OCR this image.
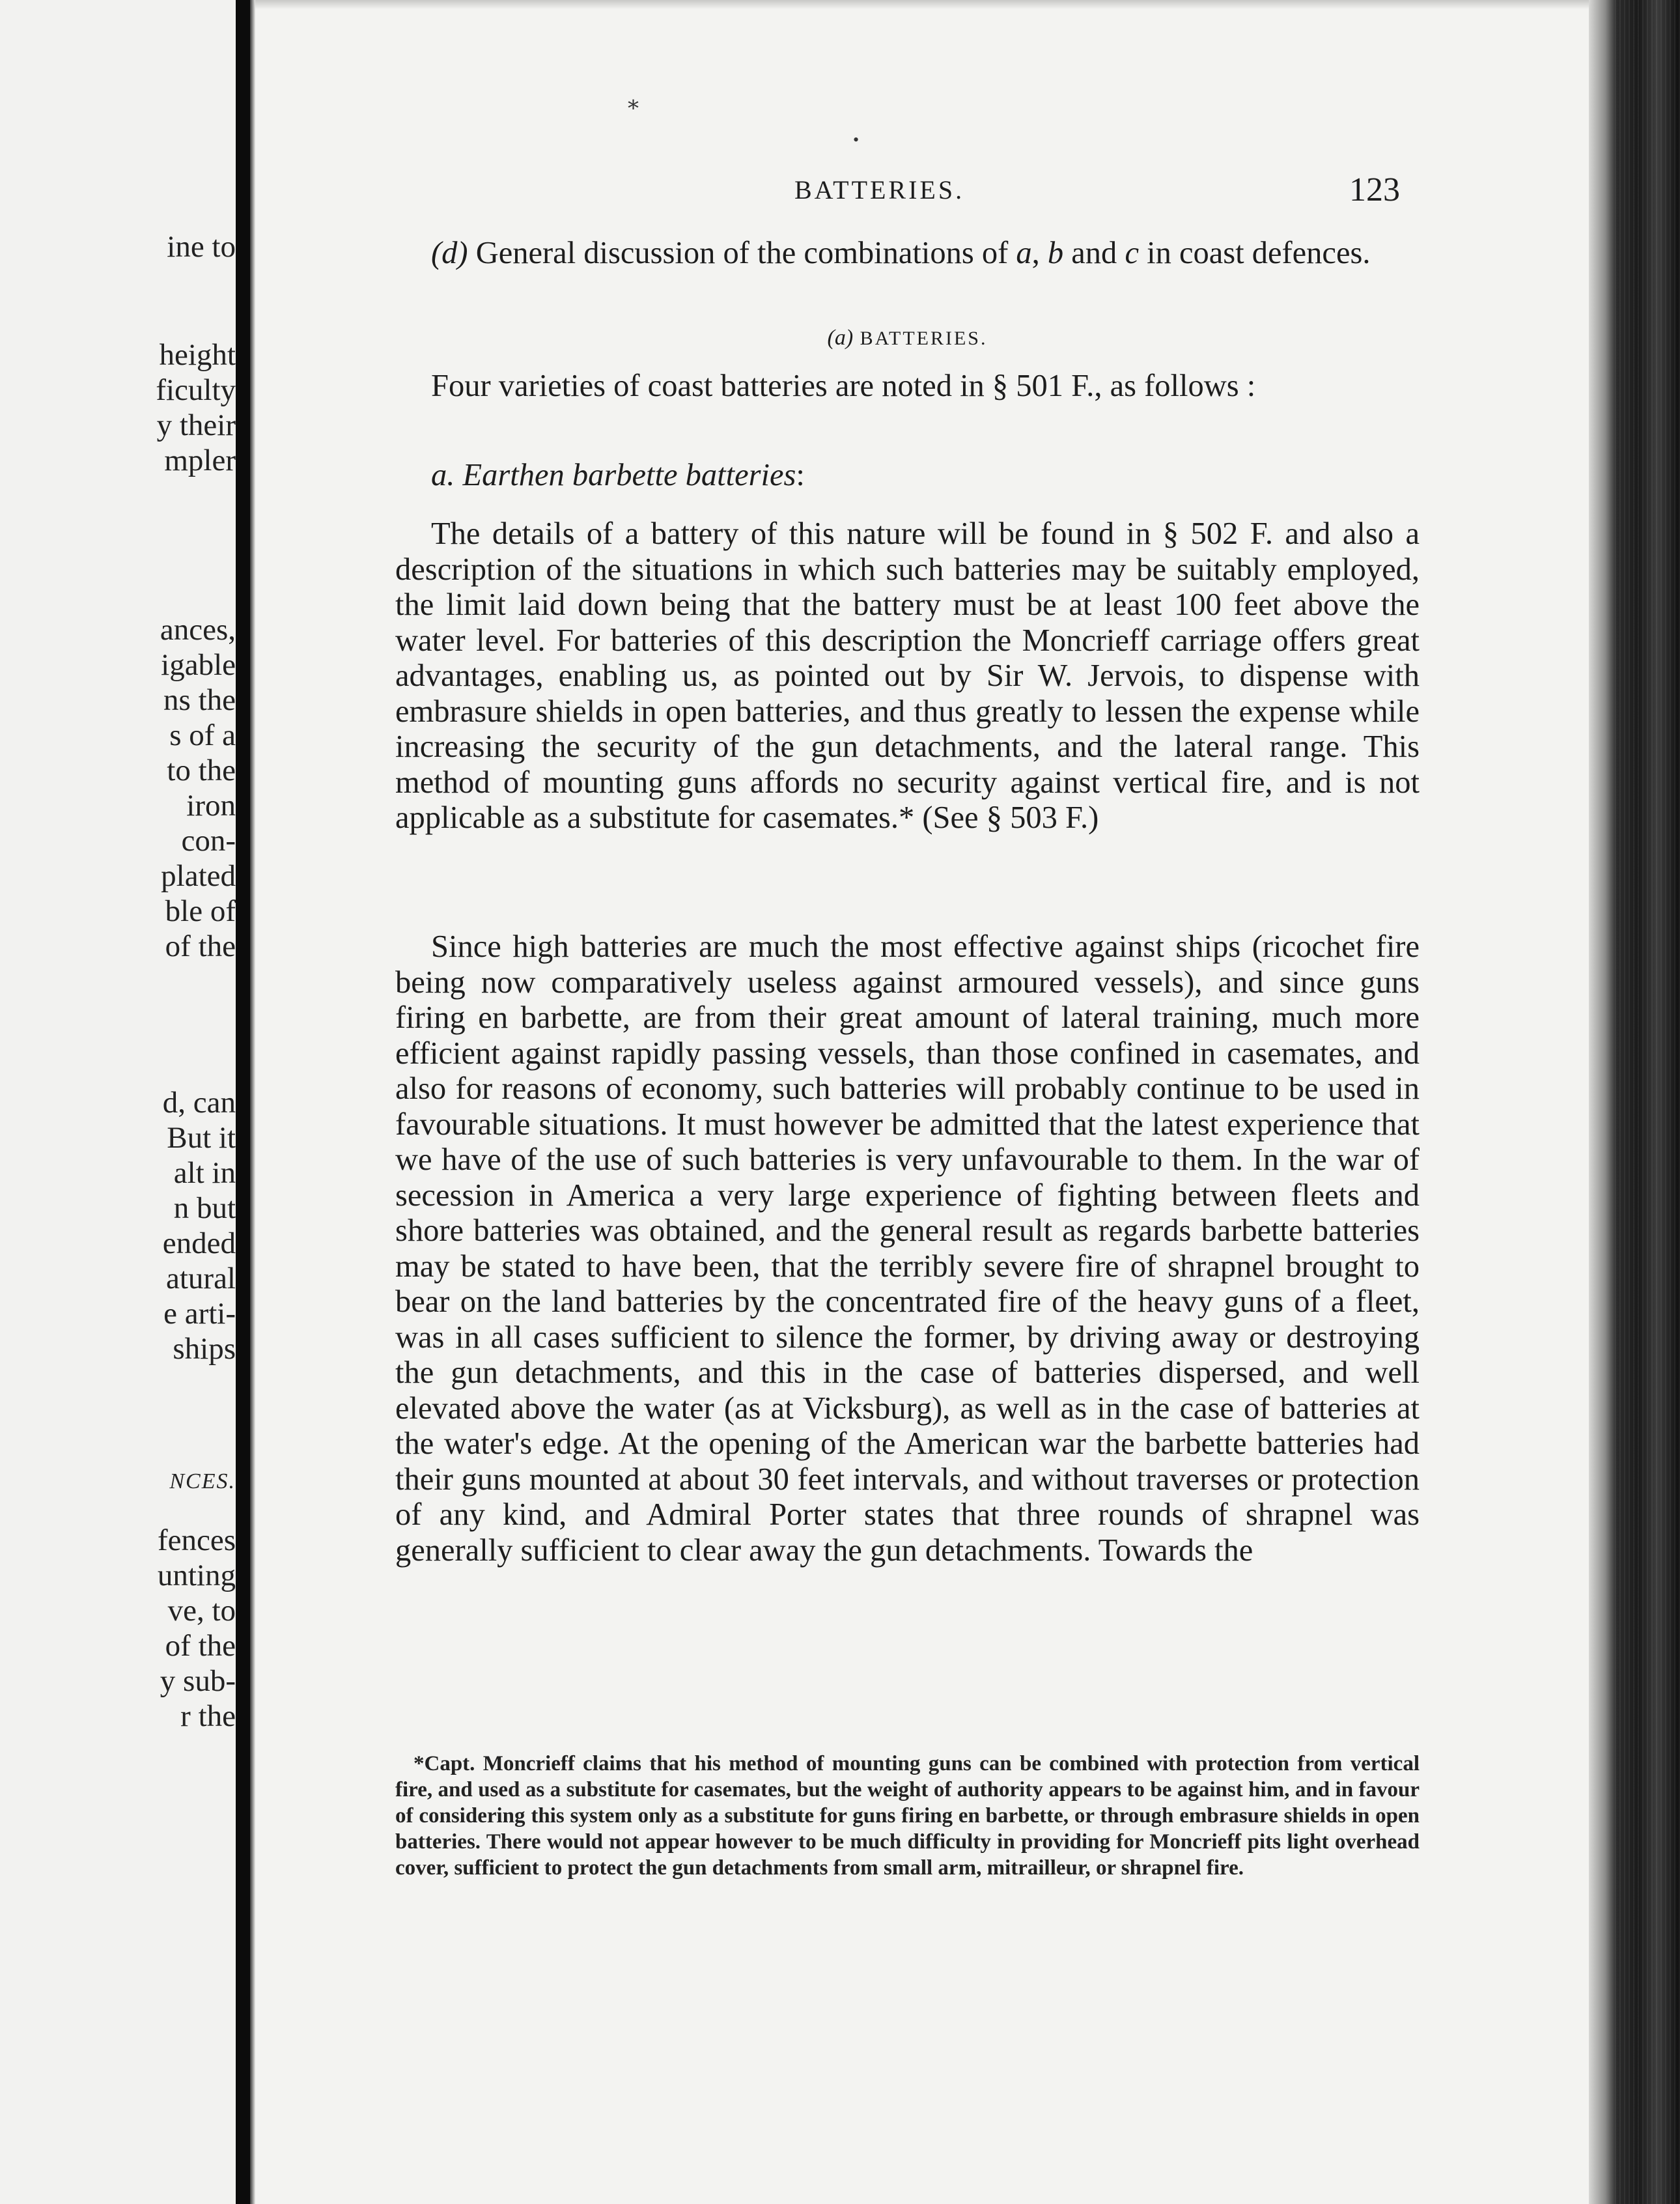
ine to
height
ficulty
y their
mpler
ances,
igable
ns the
s of a
to the
iron
con-
plated
ble of
of the
d, can
But it
alt in
n but
ended
atural
e arti-
ships
NCES.
fences
unting
ve, to
of the
y sub-
r the
⁎
•
BATTERIES.	123

(d) General discussion of the combinations of a, b and c in coast defences.

(a) BATTERIES.

Four varieties of coast batteries are noted in § 501 F., as follows :

a. Earthen barbette batteries:

The details of a battery of this nature will be found in § 502 F. and also a description of the situations in which such batteries may be suitably employed, the limit laid down being that the battery must be at least 100 feet above the water level. For batteries of this description the Moncrieff carriage offers great advantages, enabling us, as pointed out by Sir W. Jervois, to dispense with embrasure shields in open batteries, and thus greatly to lessen the expense while increasing the security of the gun detachments, and the lateral range. This method of mounting guns affords no security against vertical fire, and is not applicable as a substitute for casemates.* (See § 503 F.)

Since high batteries are much the most effective against ships (ricochet fire being now comparatively useless against armoured vessels), and since guns firing en barbette, are from their great amount of lateral training, much more efficient against rapidly passing vessels, than those confined in casemates, and also for reasons of economy, such batteries will probably continue to be used in favourable situations. It must however be admitted that the latest experience that we have of the use of such batteries is very unfavourable to them. In the war of secession in America a very large experience of fighting between fleets and shore batteries was obtained, and the general result as regards barbette batteries may be stated to have been, that the terribly severe fire of shrapnel brought to bear on the land batteries by the concentrated fire of the heavy guns of a fleet, was in all cases sufficient to silence the former, by driving away or destroying the gun detachments, and this in the case of batteries dispersed, and well elevated above the water (as at Vicksburg), as well as in the case of batteries at the water's edge. At the opening of the American war the barbette batteries had their guns mounted at about 30 feet intervals, and without traverses or protection of any kind, and Admiral Porter states that three rounds of shrapnel was generally sufficient to clear away the gun detachments. Towards the

*Capt. Moncrieff claims that his method of mounting guns can be combined with protection from vertical fire, and used as a substitute for casemates, but the weight of authority appears to be against him, and in favour of considering this system only as a substitute for guns firing en barbette, or through embrasure shields in open batteries. There would not appear however to be much difficulty in providing for Moncrieff pits light overhead cover, sufficient to protect the gun detachments from small arm, mitrailleur, or shrapnel fire.
